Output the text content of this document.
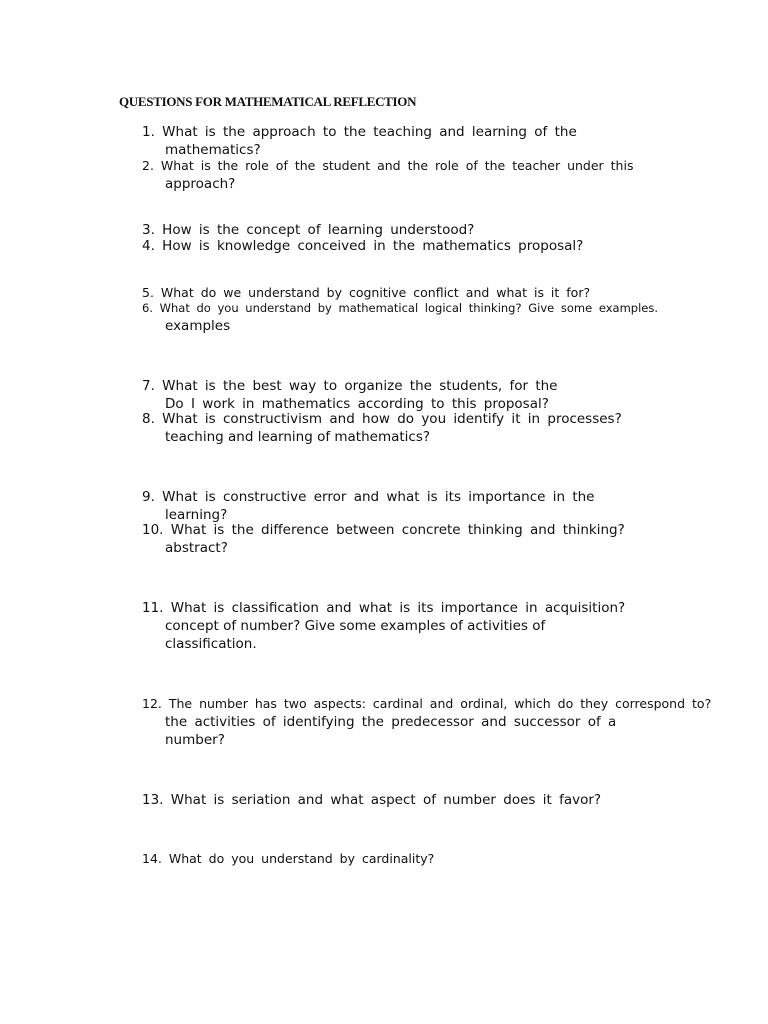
QUESTIONS FOR MATHEMATICAL REFLECTION
1. What is the approach to the teaching and learning of the
mathematics?
2. What is the role of the student and the role of the teacher under this
approach?
3. How is the concept of learning understood?
4. How is knowledge conceived in the mathematics proposal?
5. What do we understand by cognitive conflict and what is it for?
6. What do you understand by mathematical logical thinking? Give some examples.
examples
7. What is the best way to organize the students, for the
Do I work in mathematics according to this proposal?
8. What is constructivism and how do you identify it in processes?
teaching and learning of mathematics?
9. What is constructive error and what is its importance in the
learning?
10. What is the difference between concrete thinking and thinking?
abstract?
11. What is classification and what is its importance in acquisition?
concept of number? Give some examples of activities of
classification.
12. The number has two aspects: cardinal and ordinal, which do they correspond to?
the activities of identifying the predecessor and successor of a
number?
13. What is seriation and what aspect of number does it favor?
14. What do you understand by cardinality?
